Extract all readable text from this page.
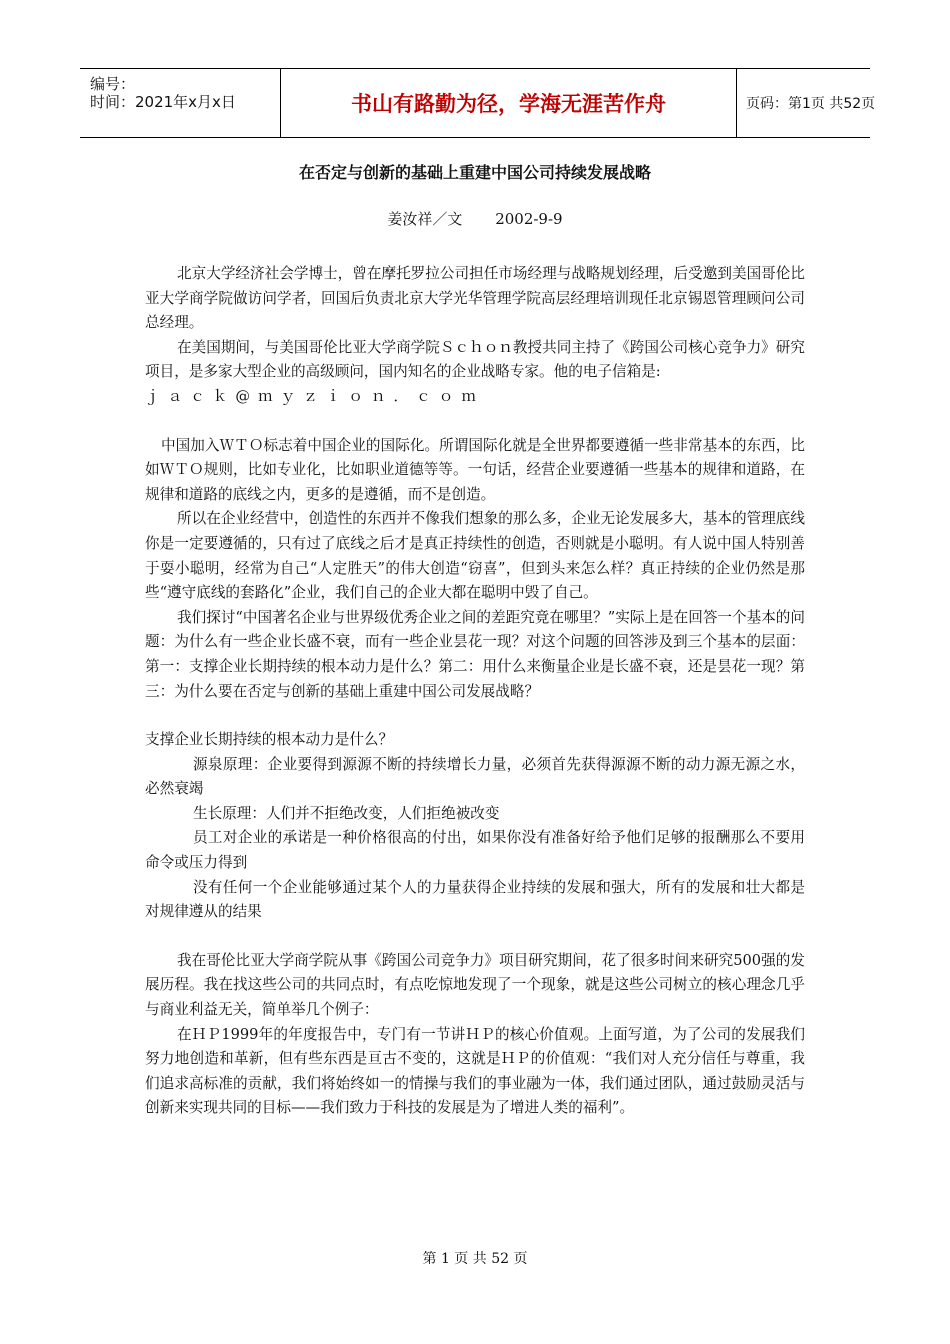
编号：
时间：2021年x月x日	书山有路勤为径，学海无涯苦作舟	页码：第1页 共52页
在否定与创新的基础上重建中国公司持续发展战略
姜汝祥／文 2002-9-9

北京大学经济社会学博士，曾在摩托罗拉公司担任市场经理与战略规划经理，后受邀到美国哥伦比亚大学商学院做访问学者，回国后负责北京大学光华管理学院高层经理培训现任北京锡恩管理顾问公司总经理。

在美国期间，与美国哥伦比亚大学商学院Ｓｃｈｏｎ教授共同主持了《跨国公司核心竞争力》研究项目，是多家大型企业的高级顾问，国内知名的企业战略专家。他的电子信箱是:

ｊａｃｋ@ｍｙｚｉｏｎ．ｃｏｍ

中国加入ＷＴＯ标志着中国企业的国际化。所谓国际化就是全世界都要遵循一些非常基本的东西，比如ＷＴＯ规则，比如专业化，比如职业道德等等。一句话，经营企业要遵循一些基本的规律和道路，在规律和道路的底线之内，更多的是遵循，而不是创造。

所以在企业经营中，创造性的东西并不像我们想象的那么多，企业无论发展多大，基本的管理底线你是一定要遵循的，只有过了底线之后才是真正持续性的创造，否则就是小聪明。有人说中国人特别善于耍小聪明，经常为自己“人定胜天”的伟大创造“窃喜”，但到头来怎么样？真正持续的企业仍然是那些“遵守底线的套路化”企业，我们自己的企业大都在聪明中毁了自己。

我们探讨“中国著名企业与世界级优秀企业之间的差距究竟在哪里？”实际上是在回答一个基本的问题：为什么有一些企业长盛不衰，而有一些企业昙花一现？对这个问题的回答涉及到三个基本的层面：第一：支撑企业长期持续的根本动力是什么？第二：用什么来衡量企业是长盛不衰，还是昙花一现？第三：为什么要在否定与创新的基础上重建中国公司发展战略？

支撑企业长期持续的根本动力是什么？

源泉原理：企业要得到源源不断的持续增长力量，必须首先获得源源不断的动力源无源之水，必然衰竭

生长原理：人们并不拒绝改变，人们拒绝被改变

员工对企业的承诺是一种价格很高的付出，如果你没有准备好给予他们足够的报酬那么不要用命令或压力得到

没有任何一个企业能够通过某个人的力量获得企业持续的发展和强大，所有的发展和壮大都是对规律遵从的结果

我在哥伦比亚大学商学院从事《跨国公司竞争力》项目研究期间，花了很多时间来研究500强的发展历程。我在找这些公司的共同点时，有点吃惊地发现了一个现象，就是这些公司树立的核心理念几乎与商业利益无关，简单举几个例子：

在ＨＰ1999年的年度报告中，专门有一节讲ＨＰ的核心价值观。上面写道，为了公司的发展我们努力地创造和革新，但有些东西是亘古不变的，这就是ＨＰ的价值观：“我们对人充分信任与尊重，我们追求高标准的贡献，我们将始终如一的情操与我们的事业融为一体，我们通过团队，通过鼓励灵活与创新来实现共同的目标——我们致力于科技的发展是为了增进人类的福利”。

第 1 页 共 52 页
